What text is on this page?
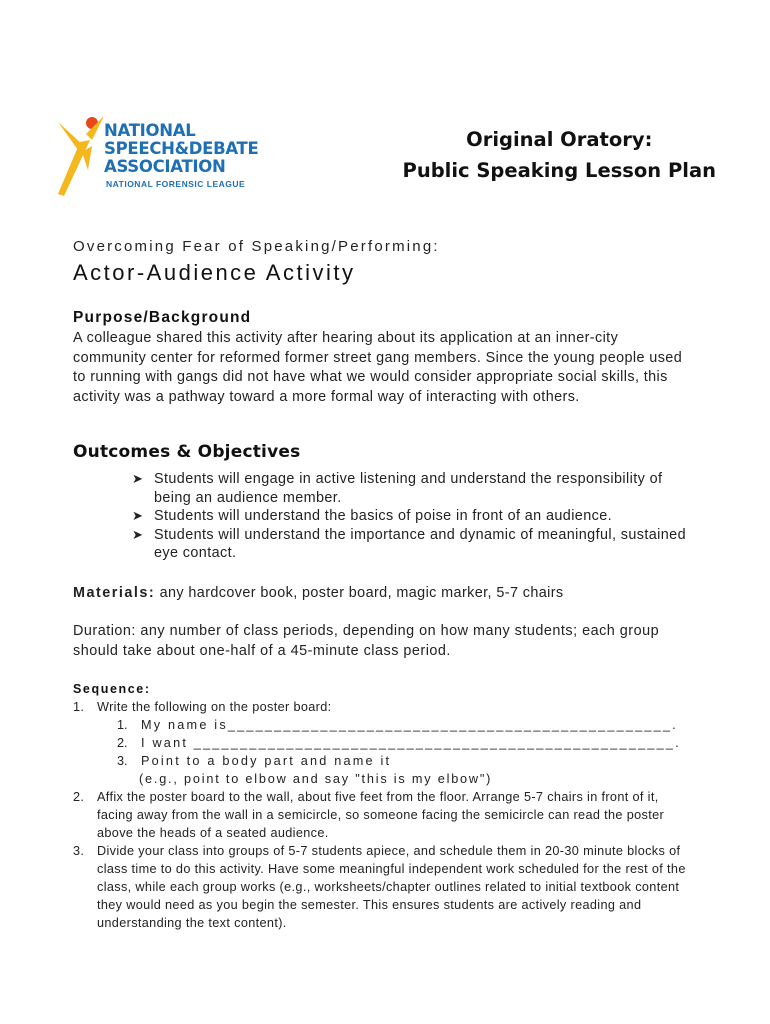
NATIONAL
SPEECH&DEBATE
ASSOCIATION
NATIONAL FORENSIC LEAGUE
Original Oratory:
Public Speaking Lesson Plan
Overcoming Fear of Speaking/Performing:
Actor-Audience Activity
Purpose/Background
A colleague shared this activity after hearing about its application at an inner-city community center for reformed former street gang members. Since the young people used to running with gangs did not have what we would consider appropriate social skills, this activity was a pathway toward a more formal way of interacting with others.
Outcomes & Objectives
➤ Students will engage in active listening and understand the responsibility of being an audience member.
➤ Students will understand the basics of poise in front of an audience.
➤ Students will understand the importance and dynamic of meaningful, sustained eye contact.
Materials: any hardcover book, poster board, magic marker, 5-7 chairs
Duration: any number of class periods, depending on how many students; each group should take about one-half of a 45-minute class period.
Sequence:
1. Write the following on the poster board:
1. My name is________________________________________________.
2. I want ____________________________________________________.
3. Point to a body part and name it
(e.g., point to elbow and say "this is my elbow")
2. Affix the poster board to the wall, about five feet from the floor. Arrange 5-7 chairs in front of it, facing away from the wall in a semicircle, so someone facing the semicircle can read the poster above the heads of a seated audience.
3. Divide your class into groups of 5-7 students apiece, and schedule them in 20-30 minute blocks of class time to do this activity. Have some meaningful independent work scheduled for the rest of the class, while each group works (e.g., worksheets/chapter outlines related to initial textbook content they would need as you begin the semester. This ensures students are actively reading and understanding the text content).
